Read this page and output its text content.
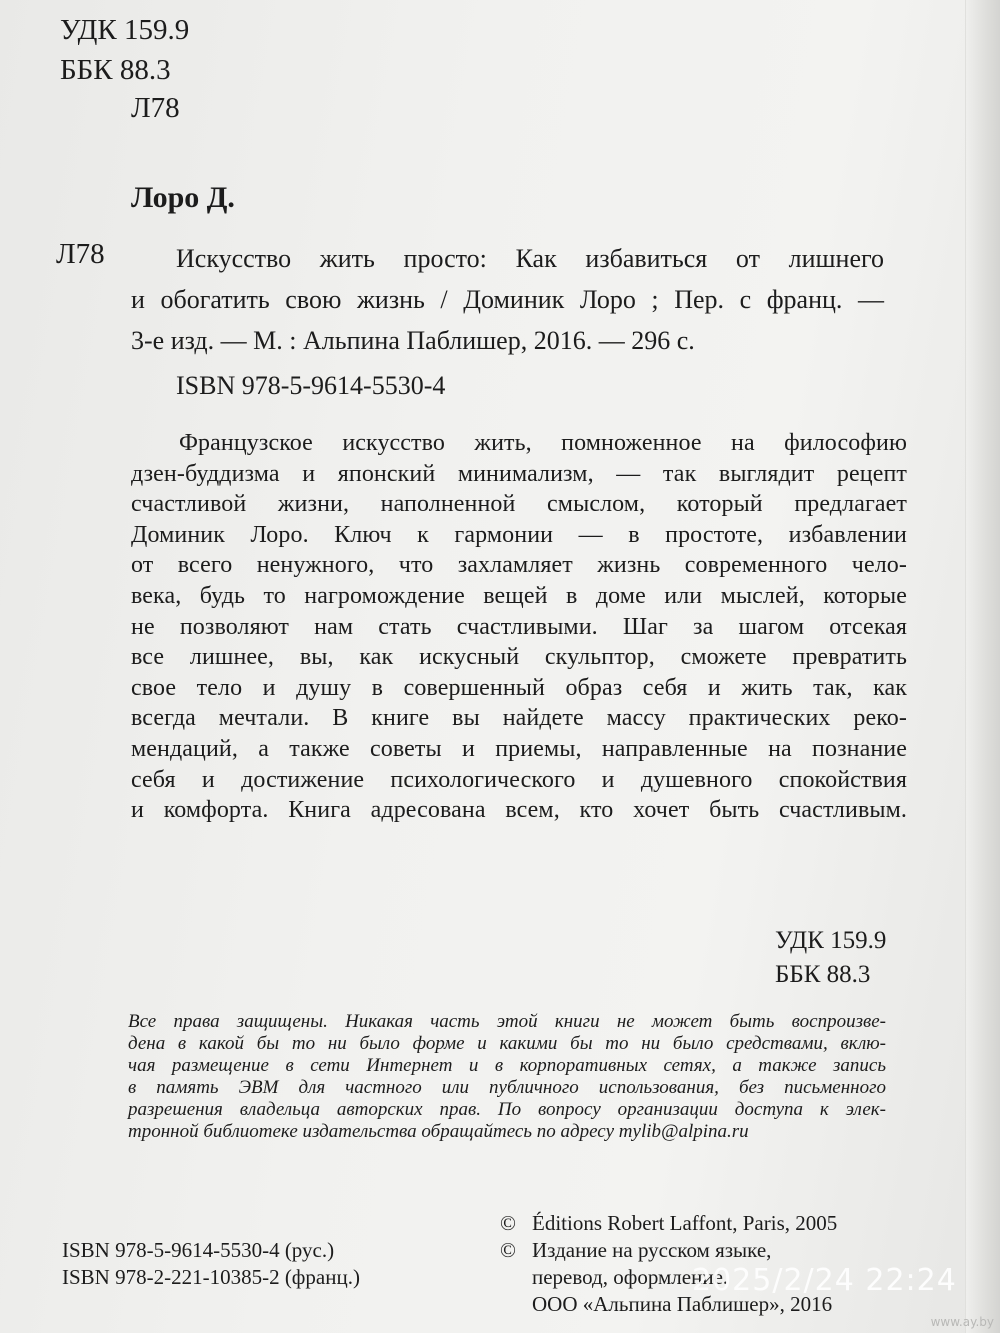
УДК 159.9
ББК 88.3
Л78
Лоро Д.
Л78	Искусство жить просто: Как избавиться от лишнего
и обогатить свою жизнь / Доминик Лоро ; Пер. с франц. —
3-е изд. — М. : Альпина Паблишер, 2016. — 296 с.
ISBN 978-5-9614-5530-4
Французское искусство жить, помноженное на философию
дзен-буддизма и японский минимализм, — так выглядит рецепт
счастливой жизни, наполненной смыслом, который предлагает
Доминик Лоро. Ключ к гармонии — в простоте, избавлении
от всего ненужного, что захламляет жизнь современного чело-
века, будь то нагромождение вещей в доме или мыслей, которые
не позволяют нам стать счастливыми. Шаг за шагом отсекая
все лишнее, вы, как искусный скульптор, сможете превратить
свое тело и душу в совершенный образ себя и жить так, как
всегда мечтали. В книге вы найдете массу практических реко-
мендаций, а также советы и приемы, направленные на познание
себя и достижение психологического и душевного спокойствия
и комфорта. Книга адресована всем, кто хочет быть счастливым.
УДК 159.9
ББК 88.3
Все права защищены. Никакая часть этой книги не может быть воспроизве-
дена в какой бы то ни было форме и какими бы то ни было средствами, вклю-
чая размещение в сети Интернет и в корпоративных сетях, а также запись
в память ЭВМ для частного или публичного использования, без письменного
разрешения владельца авторских прав. По вопросу организации доступа к элек-
тронной библиотеке издательства обращайтесь по адресу mylib@alpina.ru
© Éditions Robert Laffont, Paris, 2005
© Издание на русском языке,
перевод, оформление.
ООО «Альпина Паблишер», 2016
ISBN 978-5-9614-5530-4 (рус.)
ISBN 978-2-221-10385-2 (франц.)	2025/2/24 22:24
www.ay.by
